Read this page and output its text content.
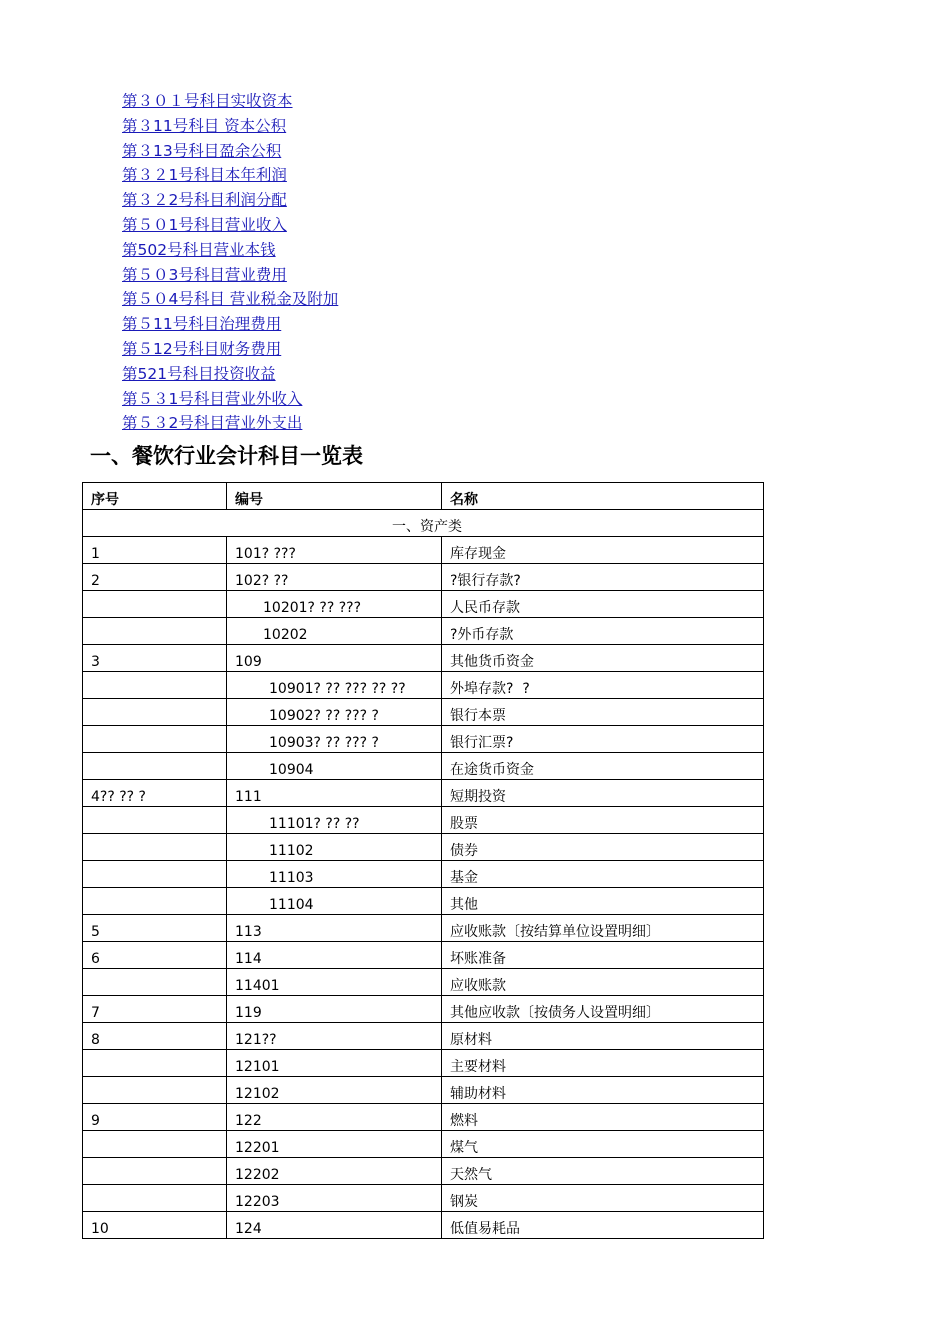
第３０１号科目实收资本
第３11号科目 资本公积
第３13号科目盈余公积
第３２1号科目本年利润
第３２2号科目利润分配
第５０1号科目营业收入
第502号科目营业本钱
第５０3号科目营业费用
第５０4号科目 营业税金及附加
第５11号科目治理费用
第５12号科目财务费用
第521号科目投资收益
第５３1号科目营业外收入
第５３2号科目营业外支出
一、餐饮行业会计科目一览表
序号	编号	名称
一、资产类		
1	101? ???	库存现金
2	102? ??	?银行存款?
	10201? ?? ???	人民币存款
	10202	?外币存款
3	109	其他货币资金
	10901? ?? ??? ?? ??	外埠存款?  ?
	10902? ?? ??? ?	银行本票
	10903? ?? ??? ?	银行汇票?
	10904	在途货币资金
4?? ?? ?	111	短期投资
	11101? ?? ??	股票
	11102	债券
	11103	基金
	11104	其他
5	113	应收账款〔按结算单位设置明细〕
6	114	坏账准备
	11401	应收账款
7	119	其他应收款〔按债务人设置明细〕
8	121??	原材料
	12101	主要材料
	12102	辅助材料
9	122	燃料
	12201	煤气
	12202	天然气
	12203	钢炭
10	124	低值易耗品
